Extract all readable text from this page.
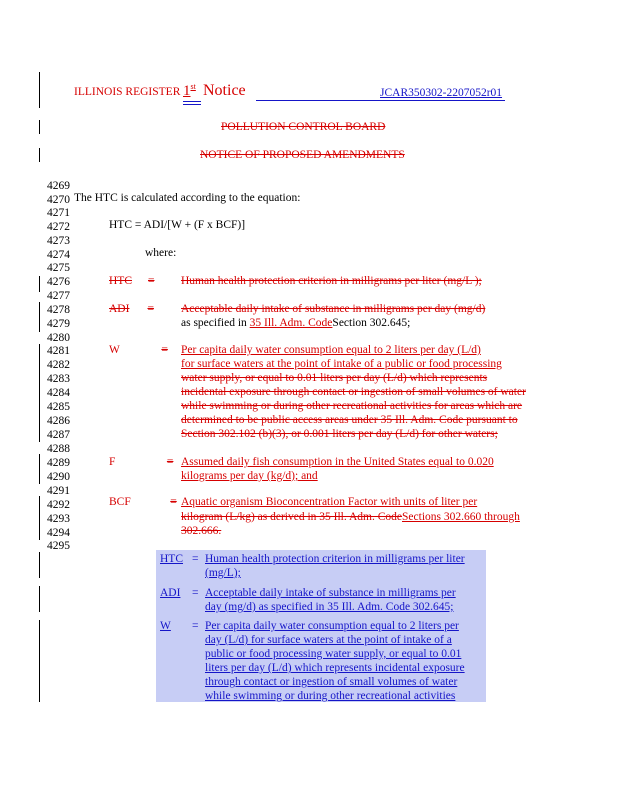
ILLINOIS REGISTER 1st Notice	JCAR350302-2207052r01
POLLUTION CONTROL BOARD
NOTICE OF PROPOSED AMENDMENTS
4269
4270
4271
4272
4273
4274
4275
4276
4277
4278
4279
4280
4281
4282
4283
4284
4285
4286
4287
4288
4289
4290
4291
4292
4293
4294
4295
The HTC is calculated according to the equation:
HTC = ADI/[W + (F x BCF)]
where:
HTC =	Human health protection criterion in milligrams per liter (mg/L );
ADI =	Acceptable daily intake of substance in milligrams per day (mg/d)
as specified in 35 Ill. Adm. CodeSection 302.645;
W	= Per capita daily water consumption equal to 2 liters per day (L/d)
for surface waters at the point of intake of a public or food processing
water supply, or equal to 0.01 liters per day (L/d) which represents
incidental exposure through contact or ingestion of small volumes of water
while swimming or during other recreational activities for areas which are
determined to be public access areas under 35 Ill. Adm. Code pursuant to
Section 302.102 (b)(3), or 0.001 liters per day (L/d) for other waters;
F	= Assumed daily fish consumption in the United States equal to 0.020
kilograms per day (kg/d); and
BCF	= Aquatic organism Bioconcentration Factor with units of liter per
kilogram (L/kg) as derived in 35 Ill. Adm. CodeSections 302.660 through
302.666.
HTC = Human health protection criterion in milligrams per liter
(mg/L);
ADI = Acceptable daily intake of substance in milligrams per
day (mg/d) as specified in 35 Ill. Adm. Code 302.645;
W = Per capita daily water consumption equal to 2 liters per
day (L/d) for surface waters at the point of intake of a
public or food processing water supply, or equal to 0.01
liters per day (L/d) which represents incidental exposure
through contact or ingestion of small volumes of water
while swimming or during other recreational activities
